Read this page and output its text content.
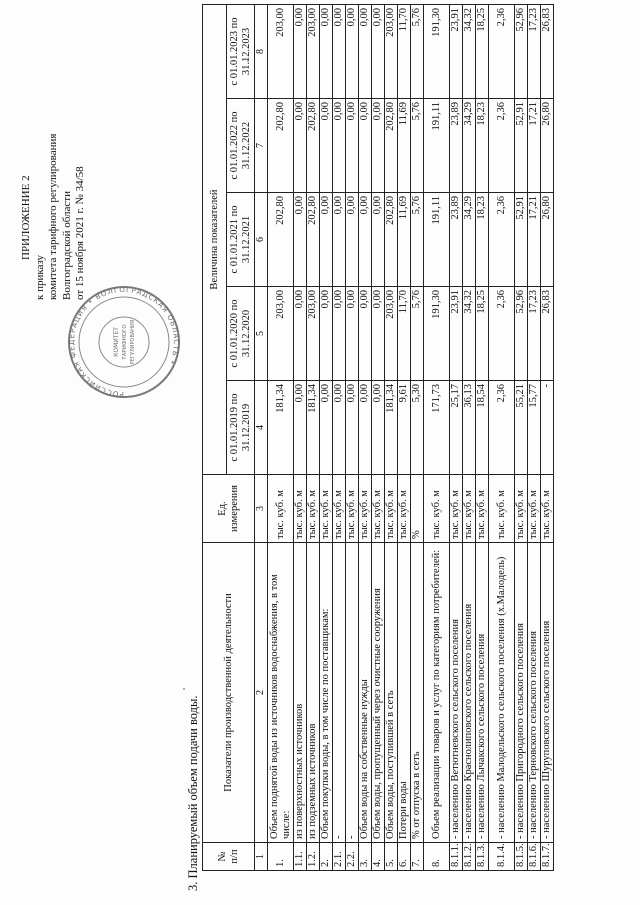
РОССИЙСКАЯ ФЕДЕРАЦИЯ • ВОЛГОГРАДСКАЯ ОБЛАСТЬ •
КОМИТЕТ ТАРИФНОГО РЕГУЛИРОВАНИЯ
ПРИЛОЖЕНИЕ 2
к приказу комитета тарифного регулирования Волгоградской области от 15 ноября 2021 г. № 34/58
3. Планируемый объем подачи воды. № п/п	Показатели производственной деятельности	Ед. измерения	Величина показателей				
			с 01.01.2019 по 31.12.2019	с 01.01.2020 по 31.12.2020	с 01.01.2021 по 31.12.2021	с 01.01.2022 по 31.12.2022	с 01.01.2023 по 31.12.2023
1	2	3	4	5	6	7	8
1.	Объем поднятой воды из источников водоснабжения, в том числе:	тыс. куб. м	181,34	203,00	202,80	202,80	203,00
1.1.	из поверхностных источников	тыс. куб. м	0,00	0,00	0,00	0,00	0,00
1.2.	из подземных источников	тыс. куб. м	181,34	203,00	202,80	202,80	203,00
2.	Объем покупки воды, в том числе по поставщикам:	тыс. куб. м	0,00	0,00	0,00	0,00	0,00
2.1.	-	тыс. куб. м	0,00	0,00	0,00	0,00	0,00
2.2.	-	тыс. куб. м	0,00	0,00	0,00	0,00	0,00
3.	Объем воды на собственные нужды	тыс. куб. м	0,00	0,00	0,00	0,00	0,00
4.	Объем воды, пропущенный через очистные сооружения	тыс. куб. м	0,00	0,00	0,00	0,00	0,00
5.	Объем воды, поступившей в сеть	тыс. куб. м	181,34	203,00	202,80	202,80	203,00
6.	Потери воды	тыс. куб. м	9,61	11,70	11,69	11,69	11,70
7.	% от отпуска в сеть	%	5,30	5,76	5,76	5,76	5,76
8.	Объем реализации товаров и услуг по категориям потребителей:	тыс. куб. м	171,73	191,30	191,11	191,11	191,30
8.1.1.	- населению Ветютневского сельского поселения	тыс. куб. м	25,17	23,91	23,89	23,89	23,91
8.1.2.	- населению Краснолиповского сельского поселения	тыс. куб. м	36,13	34,32	34,29	34,29	34,32
8.1.3.	- населению Лычакского сельского поселения	тыс. куб. м	18,54	18,25	18,23	18,23	18,25
8.1.4.	- населению Малодельского сельского поселения (х.Малодель)	тыс. куб. м	2,36	2,36	2,36	2,36	2,36
8.1.5.	- населению Пригородного сельского поселения	тыс. куб. м	55,21	52,96	52,91	52,91	52,96
8.1.6.	- населению Терновского сельского поселения	тыс. куб. м	15,77	17,23	17,21	17,21	17,23
8.1.7.	- населению Шуруповского сельского поселения	тыс. куб. м	-	26,83	26,80	26,80	26,83
